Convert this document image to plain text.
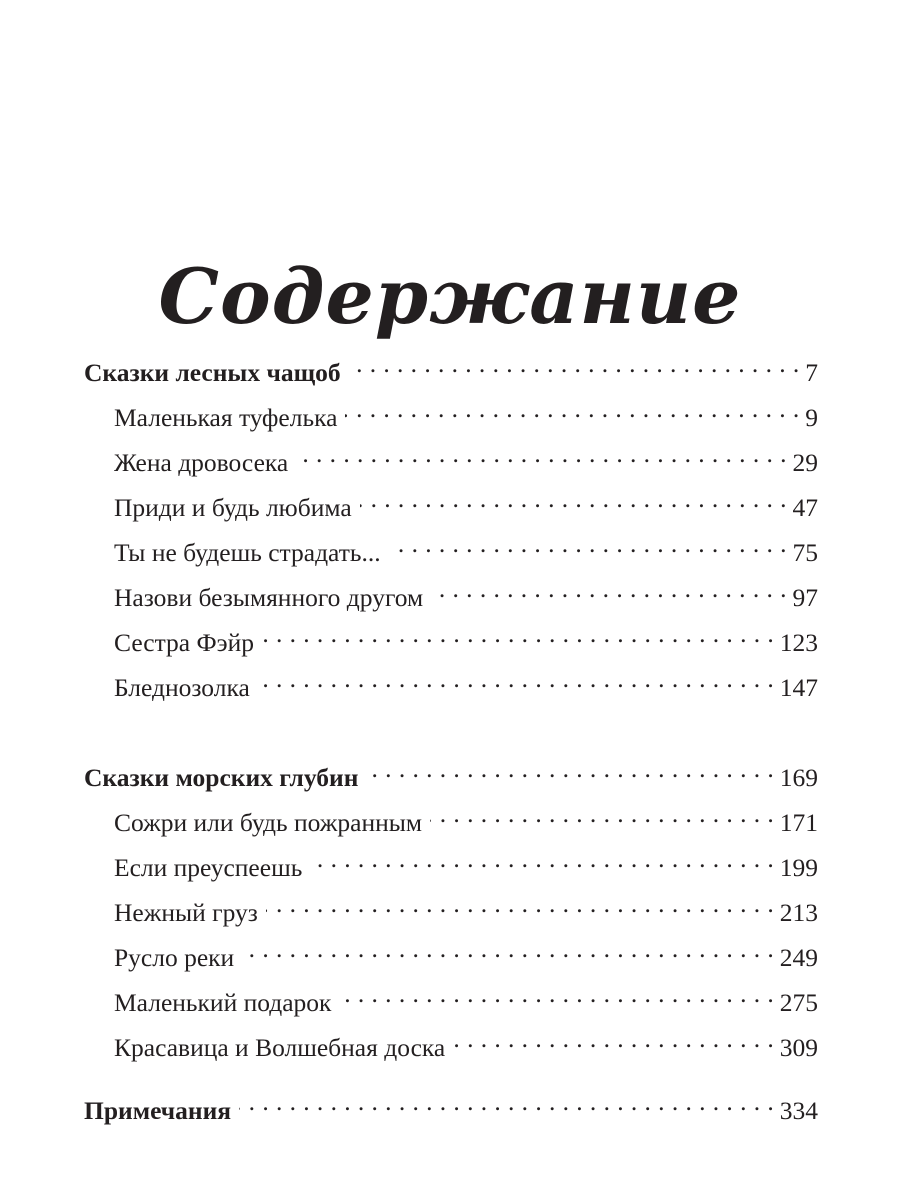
Содержание
Сказки лесных чащоб . . .	7
Маленькая туфелька . . .	9
Жена дровосека . . .	29
Приди и будь любима . . .	47
Ты не будешь страдать... . . .	75
Назови безымянного другом . . .	97
Сестра Фэйр . . .	123
Бледнозолка . . .	147
Сказки морских глубин . . .	169
Сожри или будь пожранным . . .	171
Если преуспеешь . . .	199
Нежный груз . . .	213
Русло реки . . .	249
Маленький подарок . . .	275
Красавица и Волшебная доска . . .	309
Примечания . . .	334
